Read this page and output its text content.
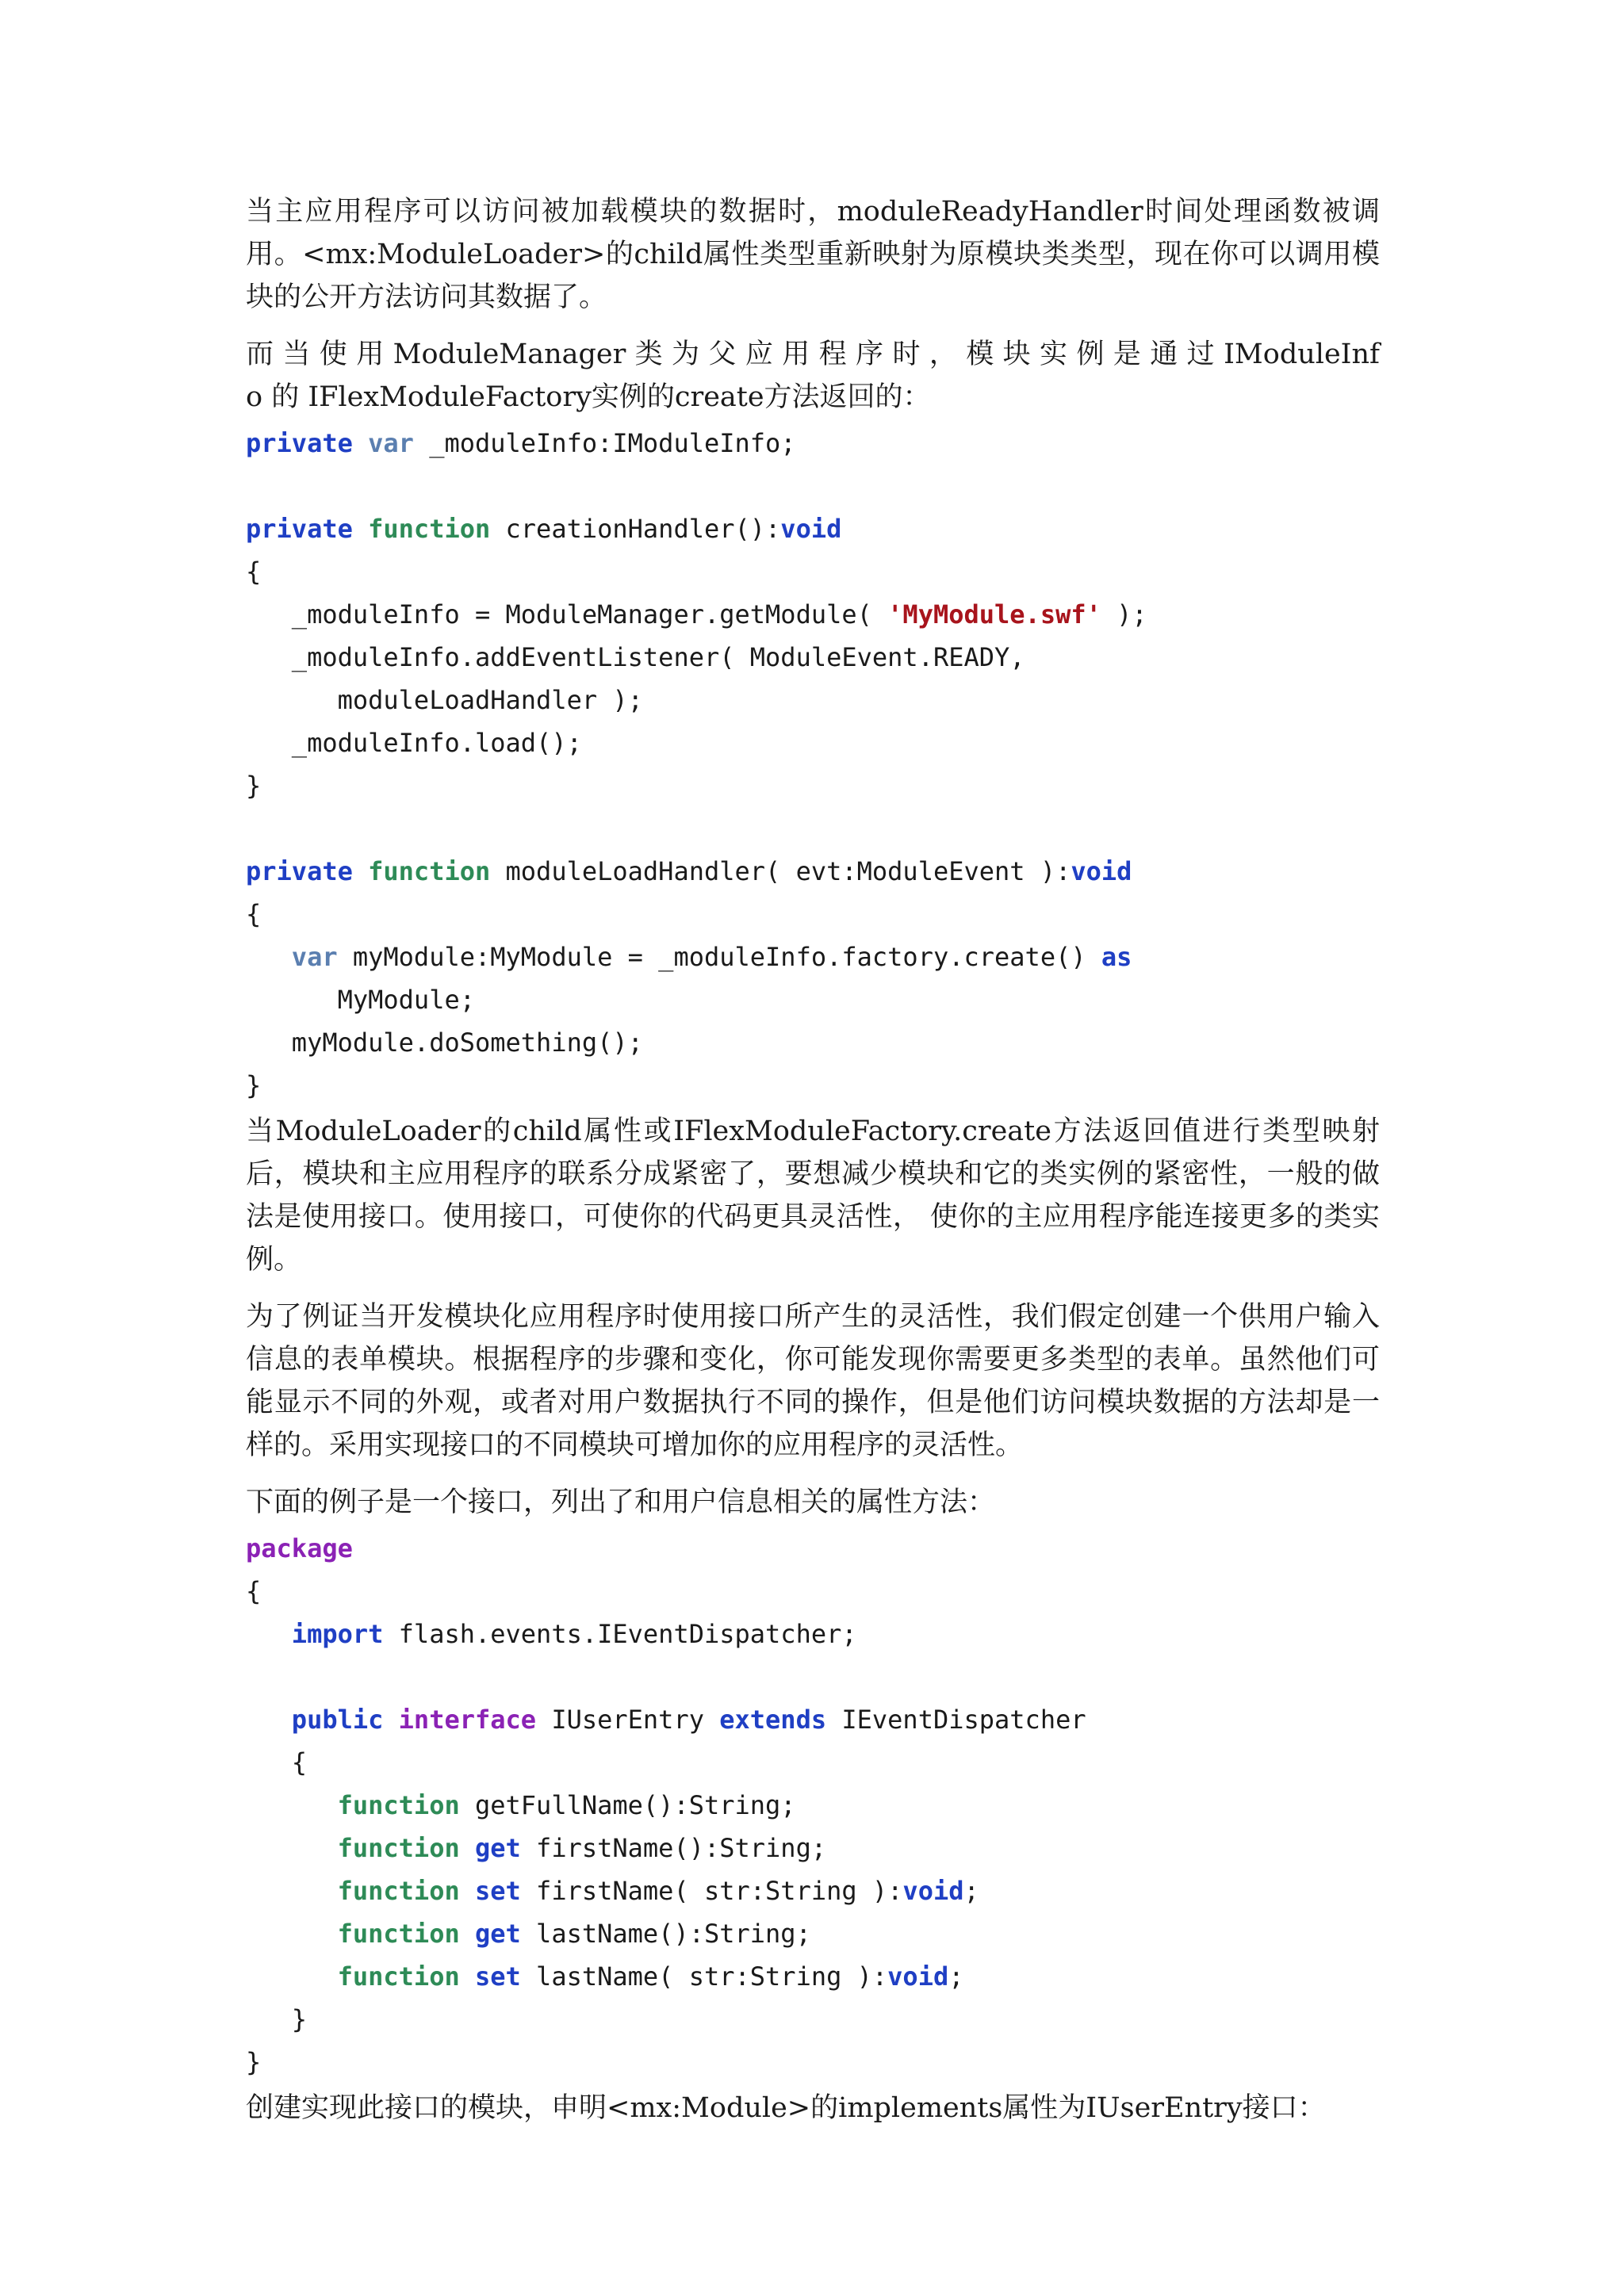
当主应用程序可以访问被加载模块的数据时，moduleReadyHandler时间处理函数被调用。<mx:ModuleLoader>的child属性类型重新映射为原模块类类型，现在你可以调用模块的公开方法访问其数据了。

而 当 使 用 ModuleManager 类 为 父 应 用 程 序 时 ， 模 块 实 例 是 通 过 IModuleInfo 的 IFlexModuleFactory实例的create方法返回的：

private var _moduleInfo:IModuleInfo;

private function creationHandler():void
{
_moduleInfo = ModuleManager.getModule( 'MyModule.swf' );
_moduleInfo.addEventListener( ModuleEvent.READY,
moduleLoadHandler );
_moduleInfo.load();
}

private function moduleLoadHandler( evt:ModuleEvent ):void
{
var myModule:MyModule = _moduleInfo.factory.create() as
MyModule;
myModule.doSomething();
}

当ModuleLoader的child属性或IFlexModuleFactory.create方法返回值进行类型映射后，模块和主应用程序的联系分成紧密了，要想减少模块和它的类实例的紧密性，一般的做法是使用接口。使用接口，可使你的代码更具灵活性， 使你的主应用程序能连接更多的类实例。

为了例证当开发模块化应用程序时使用接口所产生的灵活性，我们假定创建一个供用户输入信息的表单模块。根据程序的步骤和变化，你可能发现你需要更多类型的表单。虽然他们可能显示不同的外观，或者对用户数据执行不同的操作，但是他们访问模块数据的方法却是一样的。采用实现接口的不同模块可增加你的应用程序的灵活性。

下面的例子是一个接口，列出了和用户信息相关的属性方法：

package
{
import flash.events.IEventDispatcher;

public interface IUserEntry extends IEventDispatcher
{
function getFullName():String;
function get firstName():String;
function set firstName( str:String ):void;
function get lastName():String;
function set lastName( str:String ):void;
}
}

创建实现此接口的模块，申明<mx:Module>的implements属性为IUserEntry接口：
